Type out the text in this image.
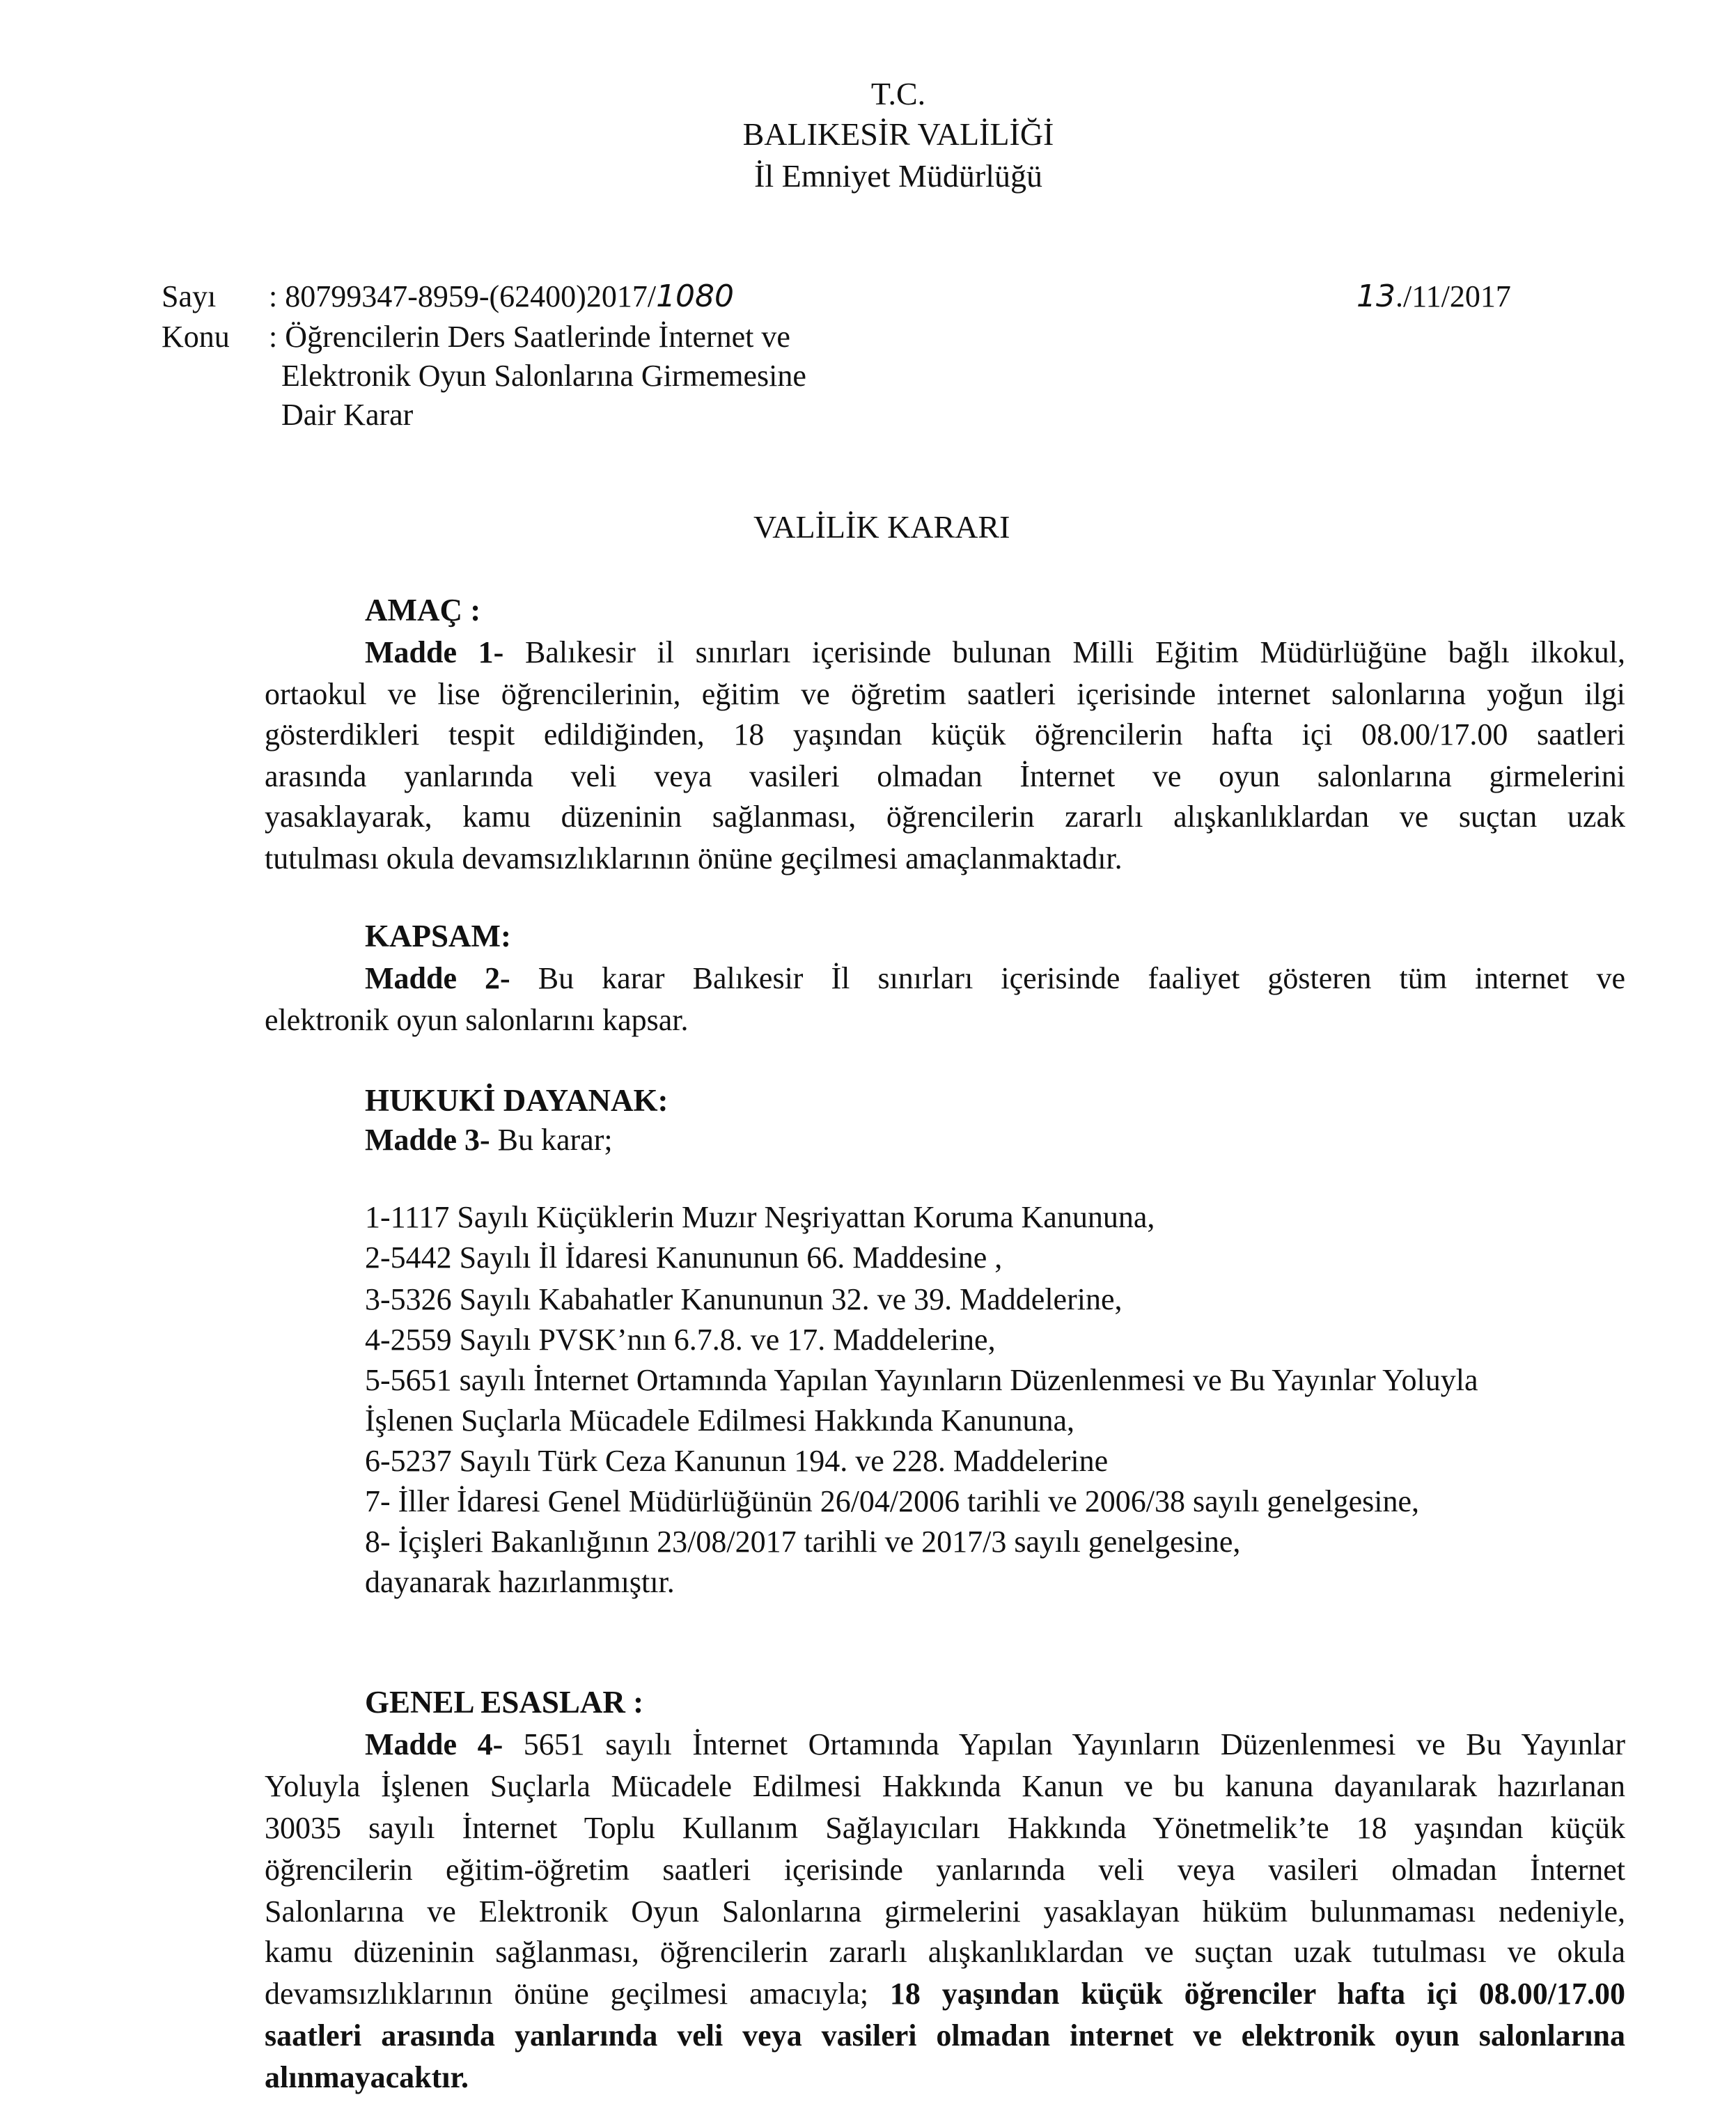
T.C.
BALIKESİR VALİLİĞİ
İl Emniyet Müdürlüğü
Sayı : 80799347-8959-(62400)2017/1080	13./11/2017
Konu : Öğrencilerin Ders Saatlerinde İnternet ve
Elektronik Oyun Salonlarına Girmemesine
Dair Karar
VALİLİK KARARI
AMAÇ :
Madde 1- Balıkesir il sınırları içerisinde bulunan Milli Eğitim Müdürlüğüne bağlı ilkokul,
ortaokul ve lise öğrencilerinin, eğitim ve öğretim saatleri içerisinde internet salonlarına yoğun ilgi
gösterdikleri tespit edildiğinden, 18 yaşından küçük öğrencilerin hafta içi 08.00/17.00 saatleri
arasında yanlarında veli veya vasileri olmadan İnternet ve oyun salonlarına girmelerini
yasaklayarak, kamu düzeninin sağlanması, öğrencilerin zararlı alışkanlıklardan ve suçtan uzak
tutulması okula devamsızlıklarının önüne geçilmesi amaçlanmaktadır.
KAPSAM:
Madde 2- Bu karar Balıkesir İl sınırları içerisinde faaliyet gösteren tüm internet ve
elektronik oyun salonlarını kapsar.
HUKUKİ DAYANAK:
Madde 3- Bu karar;
1-1117 Sayılı Küçüklerin Muzır Neşriyattan Koruma Kanununa,
2-5442 Sayılı İl İdaresi Kanununun 66. Maddesine ,
3-5326 Sayılı Kabahatler Kanununun 32. ve 39. Maddelerine,
4-2559 Sayılı PVSK’nın 6.7.8. ve 17. Maddelerine,
5-5651 sayılı İnternet Ortamında Yapılan Yayınların Düzenlenmesi ve Bu Yayınlar Yoluyla
İşlenen Suçlarla Mücadele Edilmesi Hakkında Kanununa,
6-5237 Sayılı Türk Ceza Kanunun 194. ve 228. Maddelerine
7- İller İdaresi Genel Müdürlüğünün 26/04/2006 tarihli ve 2006/38 sayılı genelgesine,
8- İçişleri Bakanlığının 23/08/2017 tarihli ve 2017/3 sayılı genelgesine,
dayanarak hazırlanmıştır.
GENEL ESASLAR :
Madde 4- 5651 sayılı İnternet Ortamında Yapılan Yayınların Düzenlenmesi ve Bu Yayınlar
Yoluyla İşlenen Suçlarla Mücadele Edilmesi Hakkında Kanun ve bu kanuna dayanılarak hazırlanan
30035 sayılı İnternet Toplu Kullanım Sağlayıcıları Hakkında Yönetmelik’te 18 yaşından küçük
öğrencilerin eğitim-öğretim saatleri içerisinde yanlarında veli veya vasileri olmadan İnternet
Salonlarına ve Elektronik Oyun Salonlarına girmelerini yasaklayan hüküm bulunmaması nedeniyle,
kamu düzeninin sağlanması, öğrencilerin zararlı alışkanlıklardan ve suçtan uzak tutulması ve okula
devamsızlıklarının önüne geçilmesi amacıyla; 18 yaşından küçük öğrenciler hafta içi 08.00/17.00
saatleri arasında yanlarında veli veya vasileri olmadan internet ve elektronik oyun salonlarına
alınmayacaktır.
